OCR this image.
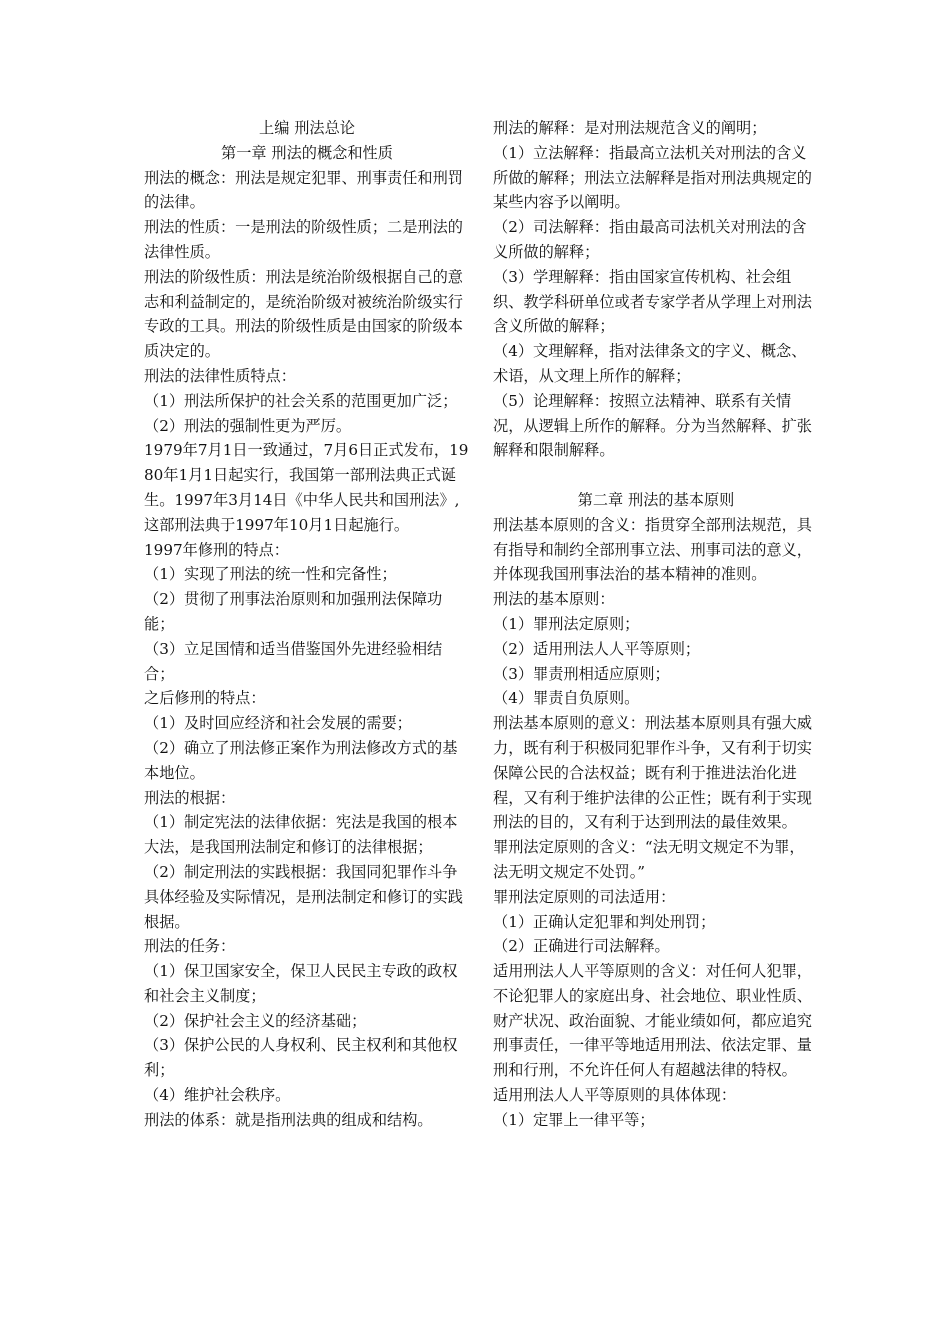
上编 刑法总论

第一章 刑法的概念和性质

刑法的概念：刑法是规定犯罪、刑事责任和刑罚的法律。

刑法的性质：一是刑法的阶级性质；二是刑法的法律性质。

刑法的阶级性质：刑法是统治阶级根据自己的意志和利益制定的，是统治阶级对被统治阶级实行专政的工具。刑法的阶级性质是由国家的阶级本质决定的。

刑法的法律性质特点：

（1）刑法所保护的社会关系的范围更加广泛；

（2）刑法的强制性更为严厉。

1979年7月1日一致通过，7月6日正式发布，1980年1月1日起实行，我国第一部刑法典正式诞生。1997年3月14日《中华人民共和国刑法》,这部刑法典于1997年10月1日起施行。

1997年修刑的特点：

（1）实现了刑法的统一性和完备性；

（2）贯彻了刑事法治原则和加强刑法保障功能；

（3）立足国情和适当借鉴国外先进经验相结合；

之后修刑的特点：

（1）及时回应经济和社会发展的需要；

（2）确立了刑法修正案作为刑法修改方式的基本地位。

刑法的根据：

（1）制定宪法的法律依据：宪法是我国的根本大法，是我国刑法制定和修订的法律根据；

（2）制定刑法的实践根据：我国同犯罪作斗争具体经验及实际情况，是刑法制定和修订的实践根据。

刑法的任务：

（1）保卫国家安全，保卫人民民主专政的政权和社会主义制度；

（2）保护社会主义的经济基础；

（3）保护公民的人身权利、民主权利和其他权利；

（4）维护社会秩序。

刑法的体系：就是指刑法典的组成和结构。

刑法的解释：是对刑法规范含义的阐明；

（1）立法解释：指最高立法机关对刑法的含义所做的解释；刑法立法解释是指对刑法典规定的某些内容予以阐明。

（2）司法解释：指由最高司法机关对刑法的含义所做的解释；

（3）学理解释：指由国家宣传机构、社会组织、教学科研单位或者专家学者从学理上对刑法含义所做的解释；

（4）文理解释，指对法律条文的字义、概念、术语，从文理上所作的解释；

（5）论理解释：按照立法精神、联系有关情况，从逻辑上所作的解释。分为当然解释、扩张解释和限制解释。

第二章 刑法的基本原则

刑法基本原则的含义：指贯穿全部刑法规范，具有指导和制约全部刑事立法、刑事司法的意义，并体现我国刑事法治的基本精神的准则。

刑法的基本原则：

（1）罪刑法定原则；

（2）适用刑法人人平等原则；

（3）罪责刑相适应原则；

（4）罪责自负原则。

刑法基本原则的意义：刑法基本原则具有强大威力，既有利于积极同犯罪作斗争，又有利于切实保障公民的合法权益；既有利于推进法治化进程，又有利于维护法律的公正性；既有利于实现刑法的目的，又有利于达到刑法的最佳效果。

罪刑法定原则的含义：“法无明文规定不为罪，法无明文规定不处罚。”

罪刑法定原则的司法适用：

（1）正确认定犯罪和判处刑罚；

（2）正确进行司法解释。

适用刑法人人平等原则的含义：对任何人犯罪，不论犯罪人的家庭出身、社会地位、职业性质、财产状况、政治面貌、才能业绩如何，都应追究刑事责任，一律平等地适用刑法、依法定罪、量刑和行刑，不允许任何人有超越法律的特权。

适用刑法人人平等原则的具体体现：

（1）定罪上一律平等；
